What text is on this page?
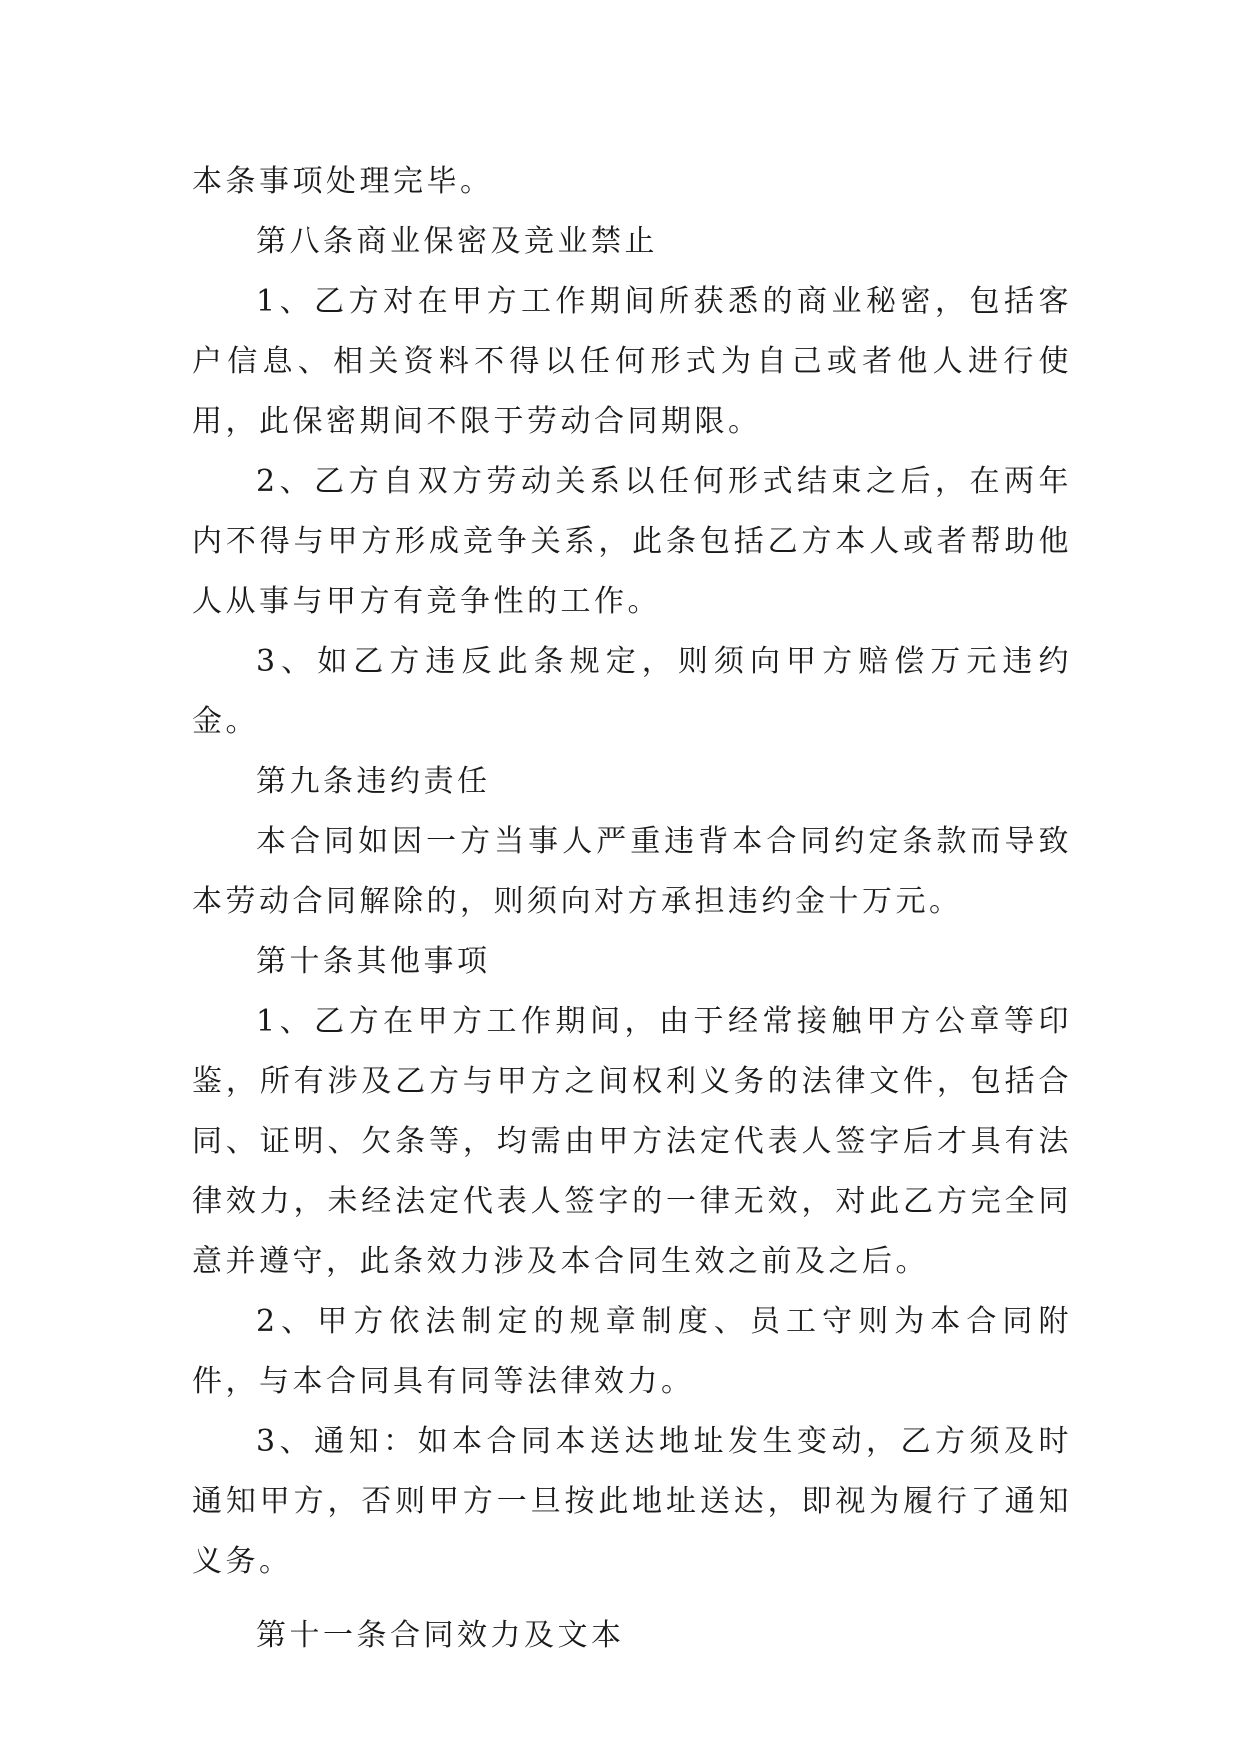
本条事项处理完毕。

第八条商业保密及竞业禁止

1、乙方对在甲方工作期间所获悉的商业秘密，包括客户信息、相关资料不得以任何形式为自己或者他人进行使用，此保密期间不限于劳动合同期限。

2、乙方自双方劳动关系以任何形式结束之后，在两年内不得与甲方形成竞争关系，此条包括乙方本人或者帮助他人从事与甲方有竞争性的工作。

3、如乙方违反此条规定，则须向甲方赔偿万元违约金。

第九条违约责任

本合同如因一方当事人严重违背本合同约定条款而导致本劳动合同解除的，则须向对方承担违约金十万元。

第十条其他事项

1、乙方在甲方工作期间，由于经常接触甲方公章等印鉴，所有涉及乙方与甲方之间权利义务的法律文件，包括合同、证明、欠条等，均需由甲方法定代表人签字后才具有法律效力，未经法定代表人签字的一律无效，对此乙方完全同意并遵守，此条效力涉及本合同生效之前及之后。

2、甲方依法制定的规章制度、员工守则为本合同附件，与本合同具有同等法律效力。

3、通知：如本合同本送达地址发生变动，乙方须及时通知甲方，否则甲方一旦按此地址送达，即视为履行了通知义务。

第十一条合同效力及文本
